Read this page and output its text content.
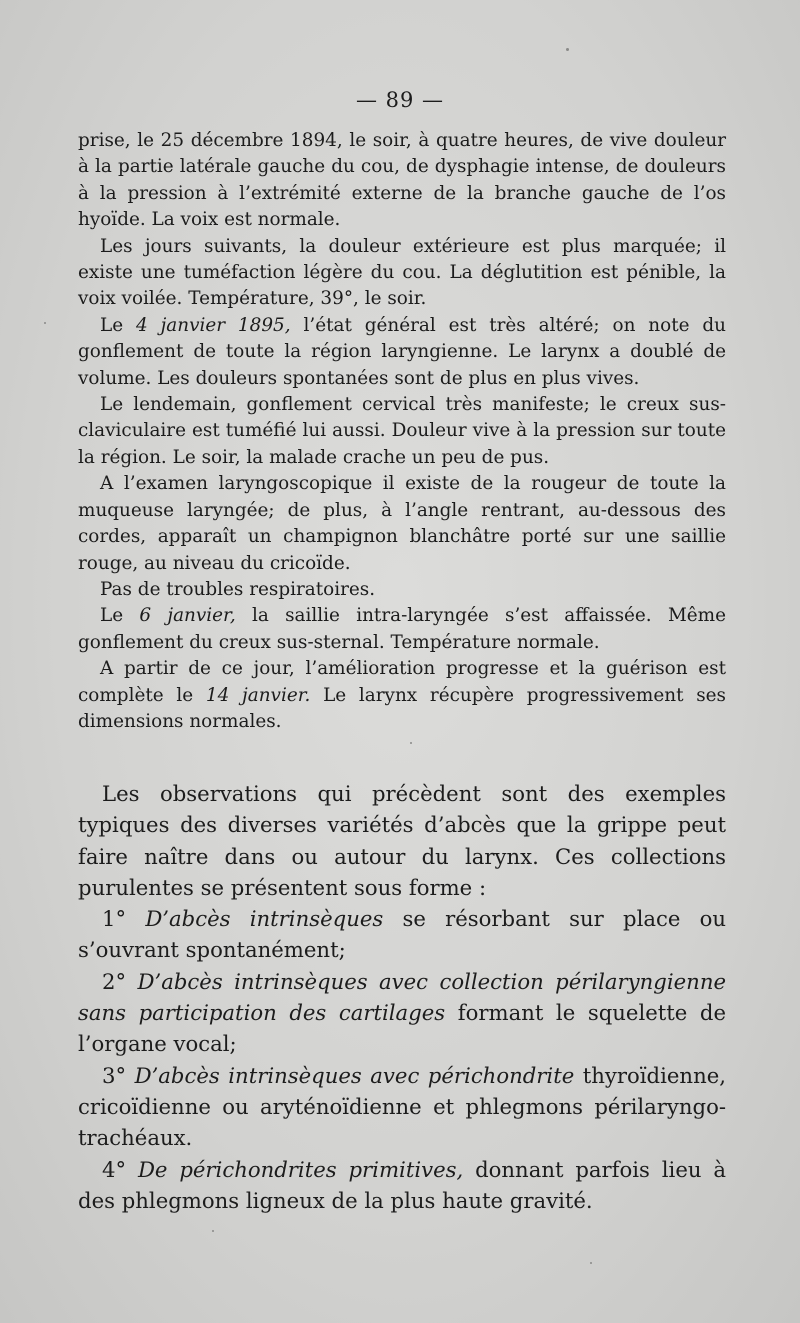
— 89 —

prise, le 25 décembre 1894, le soir, à quatre heures, de vive douleur à la partie latérale gauche du cou, de dysphagie intense, de douleurs à la pression à l’extrémité externe de la branche gauche de l’os hyoïde. La voix est normale.

Les jours suivants, la douleur extérieure est plus marquée; il existe une tuméfaction légère du cou. La déglutition est pénible, la voix voilée. Température, 39°, le soir.

Le 4 janvier 1895, l’état général est très altéré; on note du gonflement de toute la région laryngienne. Le larynx a doublé de volume. Les douleurs spontanées sont de plus en plus vives.

Le lendemain, gonflement cervical très manifeste; le creux sus-claviculaire est tuméfié lui aussi. Douleur vive à la pression sur toute la région. Le soir, la malade crache un peu de pus.

A l’examen laryngoscopique il existe de la rougeur de toute la muqueuse laryngée; de plus, à l’angle rentrant, au-dessous des cordes, apparaît un champignon blanchâtre porté sur une saillie rouge, au niveau du cricoïde.

Pas de troubles respiratoires.

Le 6 janvier, la saillie intra-laryngée s’est affaissée. Même gonflement du creux sus-sternal. Température normale.

A partir de ce jour, l’amélioration progresse et la guérison est complète le 14 janvier. Le larynx récupère progressivement ses dimensions normales.

Les observations qui précèdent sont des exemples typiques des diverses variétés d’abcès que la grippe peut faire naître dans ou autour du larynx. Ces collections purulentes se présentent sous forme :

1° D’abcès intrinsèques se résorbant sur place ou s’ouvrant spontanément;

2° D’abcès intrinsèques avec collection périlaryngienne sans participation des cartilages formant le squelette de l’organe vocal;

3° D’abcès intrinsèques avec périchondrite thyroïdienne, cricoïdienne ou aryténoïdienne et phlegmons périlaryngo-trachéaux.

4° De périchondrites primitives, donnant parfois lieu à des phlegmons ligneux de la plus haute gravité.
